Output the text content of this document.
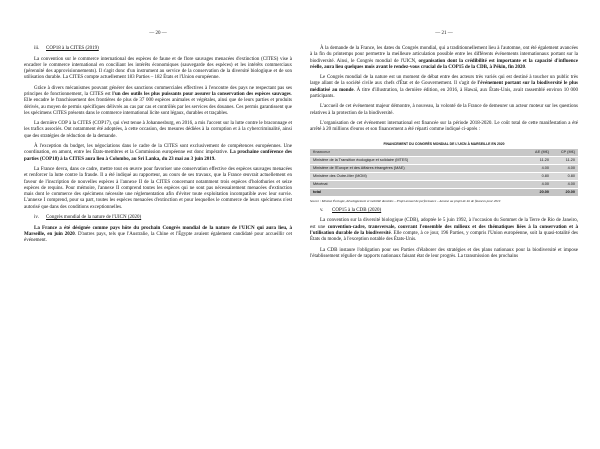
— 20 —
iii. COP18 à la CITES (2019)

La convention sur le commerce international des espèces de faune et de flore sauvages menacées d'extinction (CITES) vise à encadrer le commerce international en conciliant les intérêts économiques (sauvegarde des espèces) et les intérêts commerciaux (pérennité des approvisionnements). Il s'agit donc d'un instrument au service de la conservation de la diversité biologique et de son utilisation durable. La CITES compte actuellement 183 Parties – 182 États et l'Union européenne.

Grâce à divers mécanismes pouvant générer des sanctions commerciales effectives à l'encontre des pays ne respectant pas ses principes de fonctionnement, la CITES est l'un des outils les plus puissants pour assurer la conservation des espèces sauvages. Elle encadre le franchissement des frontières de plus de 37 000 espèces animales et végétales, ainsi que de leurs parties et produits dérivés, au moyen de permis spécifiques délivrés au cas par cas et contrôlés par les services des douanes. Ces permis garantissent que les spécimens CITES présents dans le commerce international licite sont légaux, durables et traçables.

La dernière COP à la CITES (COP17), qui s'est tenue à Johannesburg, en 2016, a mis l'accent sur la lutte contre le braconnage et les trafics associés. Ont notamment été adoptées, à cette occasion, des mesures dédiées à la corruption et à la cybercriminalité, ainsi que des stratégies de réduction de la demande.

À l'exception du budget, les négociations dans le cadre de la CITES sont exclusivement de compétences européennes. Une coordination, en amont, entre les États-membres et la Commission européenne est donc impérative. La prochaine conférence des parties (COP18) à la CITES aura lieu à Colombo, au Sri Lanka, du 23 mai au 3 juin 2019.

La France devra, dans ce cadre, mettre tout en œuvre pour favoriser une conservation effective des espèces sauvages menacées et renforcer la lutte contre la fraude. Il a été indiqué au rapporteur, au cours de ses travaux, que la France œuvrait actuellement en faveur de l'inscription de nouvelles espèces à l'annexe II de la CITES concernant notamment trois espèces d'holothuries et seize espèces de requins. Pour mémoire, l'annexe II comprend toutes les espèces qui ne sont pas nécessairement menacées d'extinction mais dont le commerce des spécimens nécessite une réglementation afin d'éviter toute exploitation incompatible avec leur survie. L'annexe I comprend, pour sa part, toutes les espèces menacées d'extinction et pour lesquelles le commerce de leurs spécimens n'est autorisé que dans des conditions exceptionnelles.

iv. Congrès mondial de la nature de l'UICN (2020)

La France a été désignée comme pays hôte du prochain Congrès mondial de la nature de l'UICN qui aura lieu, à Marseille, en juin 2020. D'autres pays, tels que l'Australie, la Chine et l'Égypte avaient également candidaté pour accueillir cet événement.

— 21 —

À la demande de la France, les dates du Congrès mondial, qui a traditionnellement lieu à l'automne, ont été également avancées à la fin du printemps pour permettre la meilleure articulation possible entre les différents événements internationaux portant sur la biodiversité. Ainsi, le Congrès mondial de l'UICN, organisation dont la crédibilité est importante et la capacité d'influence réelle, aura lieu quelques mois avant le rendez-vous crucial de la COP15 de la CDB, à Pékin, fin 2020.

Le Congrès mondial de la nature est un moment de débat entre des acteurs très variés qui est destiné à toucher un public très large allant de la société civile aux chefs d'État et de Gouvernement. Il s'agit de l'événement portant sur la biodiversité le plus médiatisé au monde. À titre d'illustration, la dernière édition, en 2016, à Hawaï, aux États-Unis, avait rassemblé environ 10 000 participants.

L'accueil de cet événement majeur démontre, à nouveau, la volonté de la France de demeurer un acteur moteur sur les questions relatives à la protection de la biodiversité.

L'organisation de cet événement international est financée sur la période 2018-2020. Le coût total de cette manifestation a été arrêté à 20 millions d'euros et son financement a été réparti comme indiqué ci-après :

FINANCEMENT DU CONGRÈS MONDIAL DE L'UICN À MARSEILLE EN 2020
financeur	AE (M€)	CP (M€)
Ministère de la Transition écologique et solidaire (MTES)	11.20	11.20
Ministère de l'Europe et des Affaires étrangères (MAE)	4.00	4.00
Ministère des Outre-Mer (MOM)	0.80	0.80
Mécénat	4.00	4.00
total	20.00	20.00
Source : Mission Écologie, développement et mobilité durables – Projet annuel de performance – Annexe au projet de loi de finances pour 2019
v. COP15 à la CDB (2020)

La convention sur la diversité biologique (CDB), adoptée le 5 juin 1992, à l'occasion du Sommet de la Terre de Rio de Janeiro, est une convention-cadre, transversale, couvrant l'ensemble des milieux et des thématiques liées à la conservation et à l'utilisation durable de la biodiversité. Elle compte, à ce jour, 196 Parties, y compris l'Union européenne, soit la quasi-totalité des États du monde, à l'exception notable des États-Unis.

La CDB instaure l'obligation pour ses Parties d'élaborer des stratégies et des plans nationaux pour la biodiversité et impose l'établissement régulier de rapports nationaux faisant état de leur progrès. La transmission des prochains
